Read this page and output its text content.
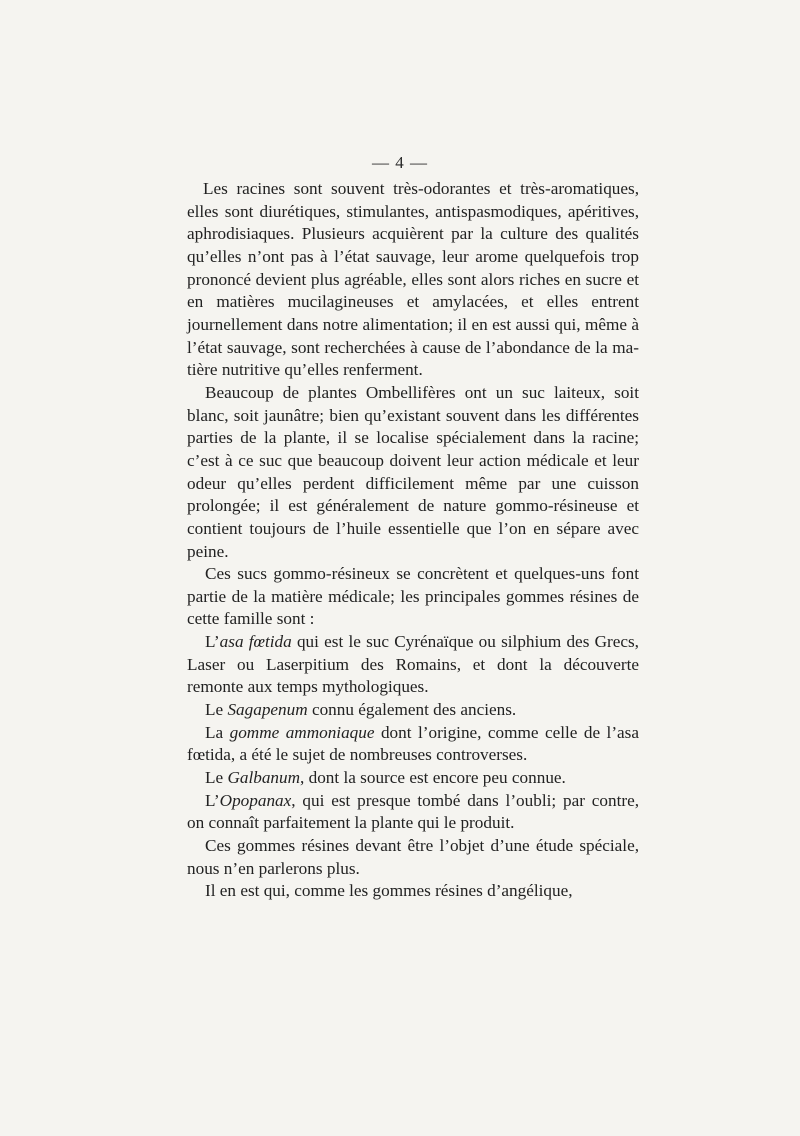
— 4 —

Les racines sont souvent très-odorantes et très-aromatiques, elles sont diurétiques, stimulantes, antispasmodiques, apéritives, aphrodisiaques. Plusieurs acquièrent par la culture des qualités qu’elles n’ont pas à l’état sauvage, leur arome quelquefois trop prononcé devient plus agréable, elles sont alors riches en sucre et en matières mucilagineuses et amylacées, et elles entrent journellement dans notre alimentation; il en est aussi qui, même à l’état sauvage, sont recherchées à cause de l’abondance de la matière nutritive qu’elles renferment.

Beaucoup de plantes Ombellifères ont un suc laiteux, soit blanc, soit jaunâtre; bien qu’existant souvent dans les différentes parties de la plante, il se localise spécialement dans la racine; c’est à ce suc que beaucoup doivent leur action médicale et leur odeur qu’elles perdent difficilement même par une cuisson prolongée; il est généralement de nature gommo-résineuse et contient toujours de l’huile essentielle que l’on en sépare avec peine.

Ces sucs gommo-résineux se concrètent et quelques-uns font partie de la matière médicale; les principales gommes résines de cette famille sont :

L’asa fœtida qui est le suc Cyrénaïque ou silphium des Grecs, Laser ou Laserpitium des Romains, et dont la découverte remonte aux temps mythologiques.

Le Sagapenum connu également des anciens.

La gomme ammoniaque dont l’origine, comme celle de l’asa fœtida, a été le sujet de nombreuses controverses.

Le Galbanum, dont la source est encore peu connue.

L’Opopanax, qui est presque tombé dans l’oubli; par contre, on connaît parfaitement la plante qui le produit.

Ces gommes résines devant être l’objet d’une étude spéciale, nous n’en parlerons plus.

Il en est qui, comme les gommes résines d’angélique,
